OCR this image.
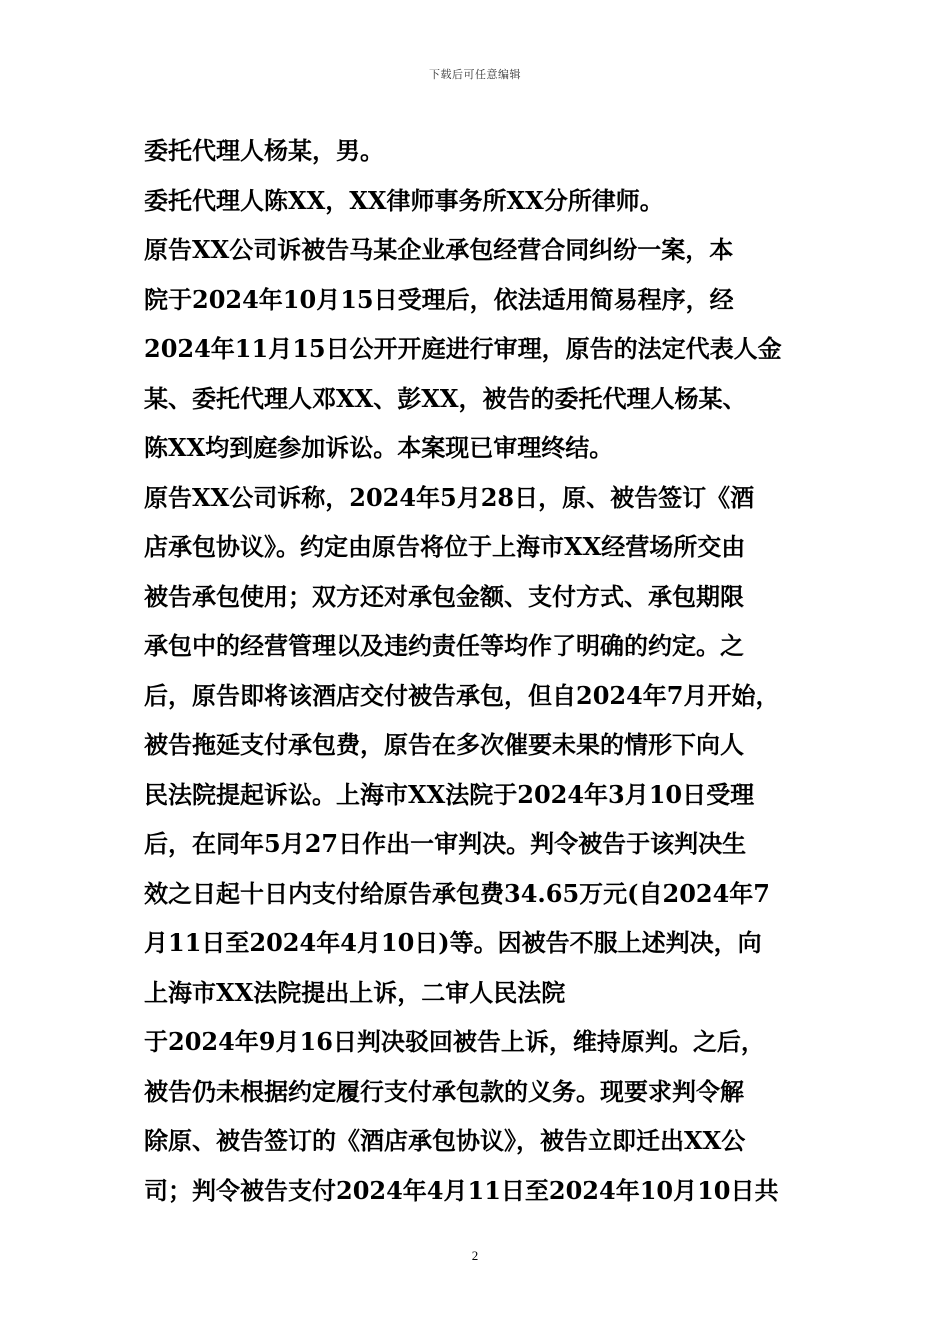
下载后可任意编辑
委托代理人杨某，男。
委托代理人陈XX，XX律师事务所XX分所律师。
原告XX公司诉被告马某企业承包经营合同纠纷一案，本
院于2024年10月15日受理后，依法适用简易程序，经
2024年11月15日公开开庭进行审理，原告的法定代表人金
某、委托代理人邓XX、彭XX，被告的委托代理人杨某、
陈XX均到庭参加诉讼。本案现已审理终结。
原告XX公司诉称，2024年5月28日，原、被告签订《酒
店承包协议》。约定由原告将位于上海市XX经营场所交由
被告承包使用；双方还对承包金额、支付方式、承包期限
承包中的经营管理以及违约责任等均作了明确的约定。之
后，原告即将该酒店交付被告承包，但自2024年7月开始，
被告拖延支付承包费，原告在多次催要未果的情形下向人
民法院提起诉讼。上海市XX法院于2024年3月10日受理
后，在同年5月27日作出一审判决。判令被告于该判决生
效之日起十日内支付给原告承包费34.65万元(自2024年7
月11日至2024年4月10日)等。因被告不服上述判决，向
上海市XX法院提出上诉，二审人民法院
于2024年9月16日判决驳回被告上诉，维持原判。之后，
被告仍未根据约定履行支付承包款的义务。现要求判令解
除原、被告签订的《酒店承包协议》，被告立即迁出XX公
司；判令被告支付2024年4月11日至2024年10月10日共
2
